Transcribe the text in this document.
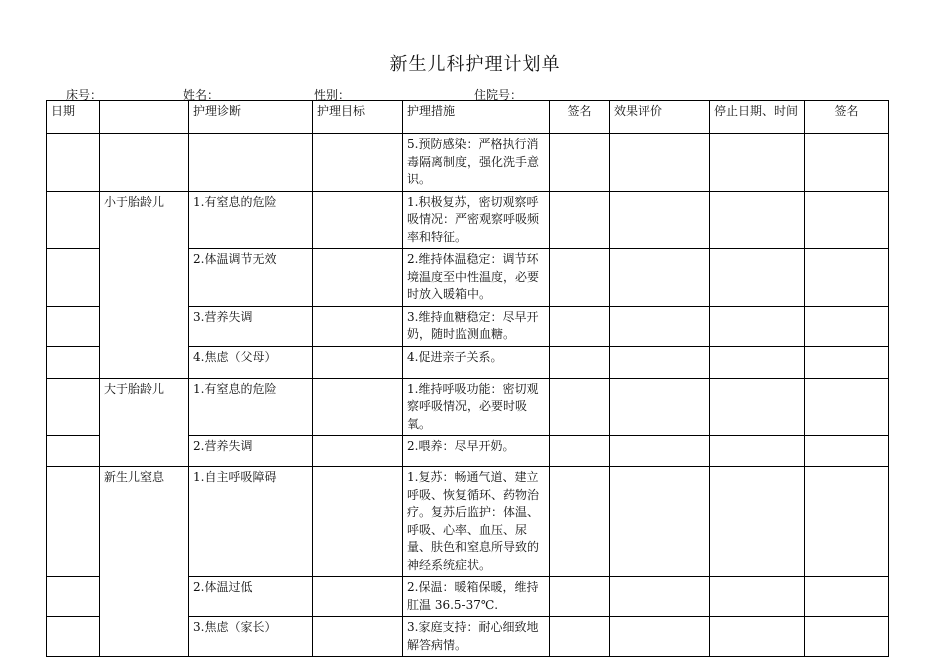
新生儿科护理计划单
床号：	姓名：	性别：	住院号：
日期		护理诊断	护理目标	护理措施	签名	效果评价	停止日期、时间	签名
				5.预防感染：严格执行消毒隔离制度，强化洗手意识。				
	小于胎龄儿	1.有窒息的危险		1.积极复苏，密切观察呼吸情况：严密观察呼吸频率和特征。				
		2.体温调节无效		2.维持体温稳定：调节环境温度至中性温度，必要时放入暖箱中。				
		3.营养失调		3.维持血糖稳定：尽早开奶，随时监测血糖。				
		4.焦虑（父母）		4.促进亲子关系。				
	大于胎龄儿	1.有窒息的危险		1.维持呼吸功能：密切观察呼吸情况，必要时吸氧。				
		2.营养失调		2.喂养：尽早开奶。				
	新生儿窒息	1.自主呼吸障碍		1.复苏：畅通气道、建立呼吸、恢复循环、药物治疗。复苏后监护：体温、呼吸、心率、血压、尿量、肤色和窒息所导致的神经系统症状。				
		2.体温过低		2.保温：暖箱保暖，维持肛温 36.5-37℃.				
		3.焦虑（家长）		3.家庭支持：耐心细致地解答病情。				
